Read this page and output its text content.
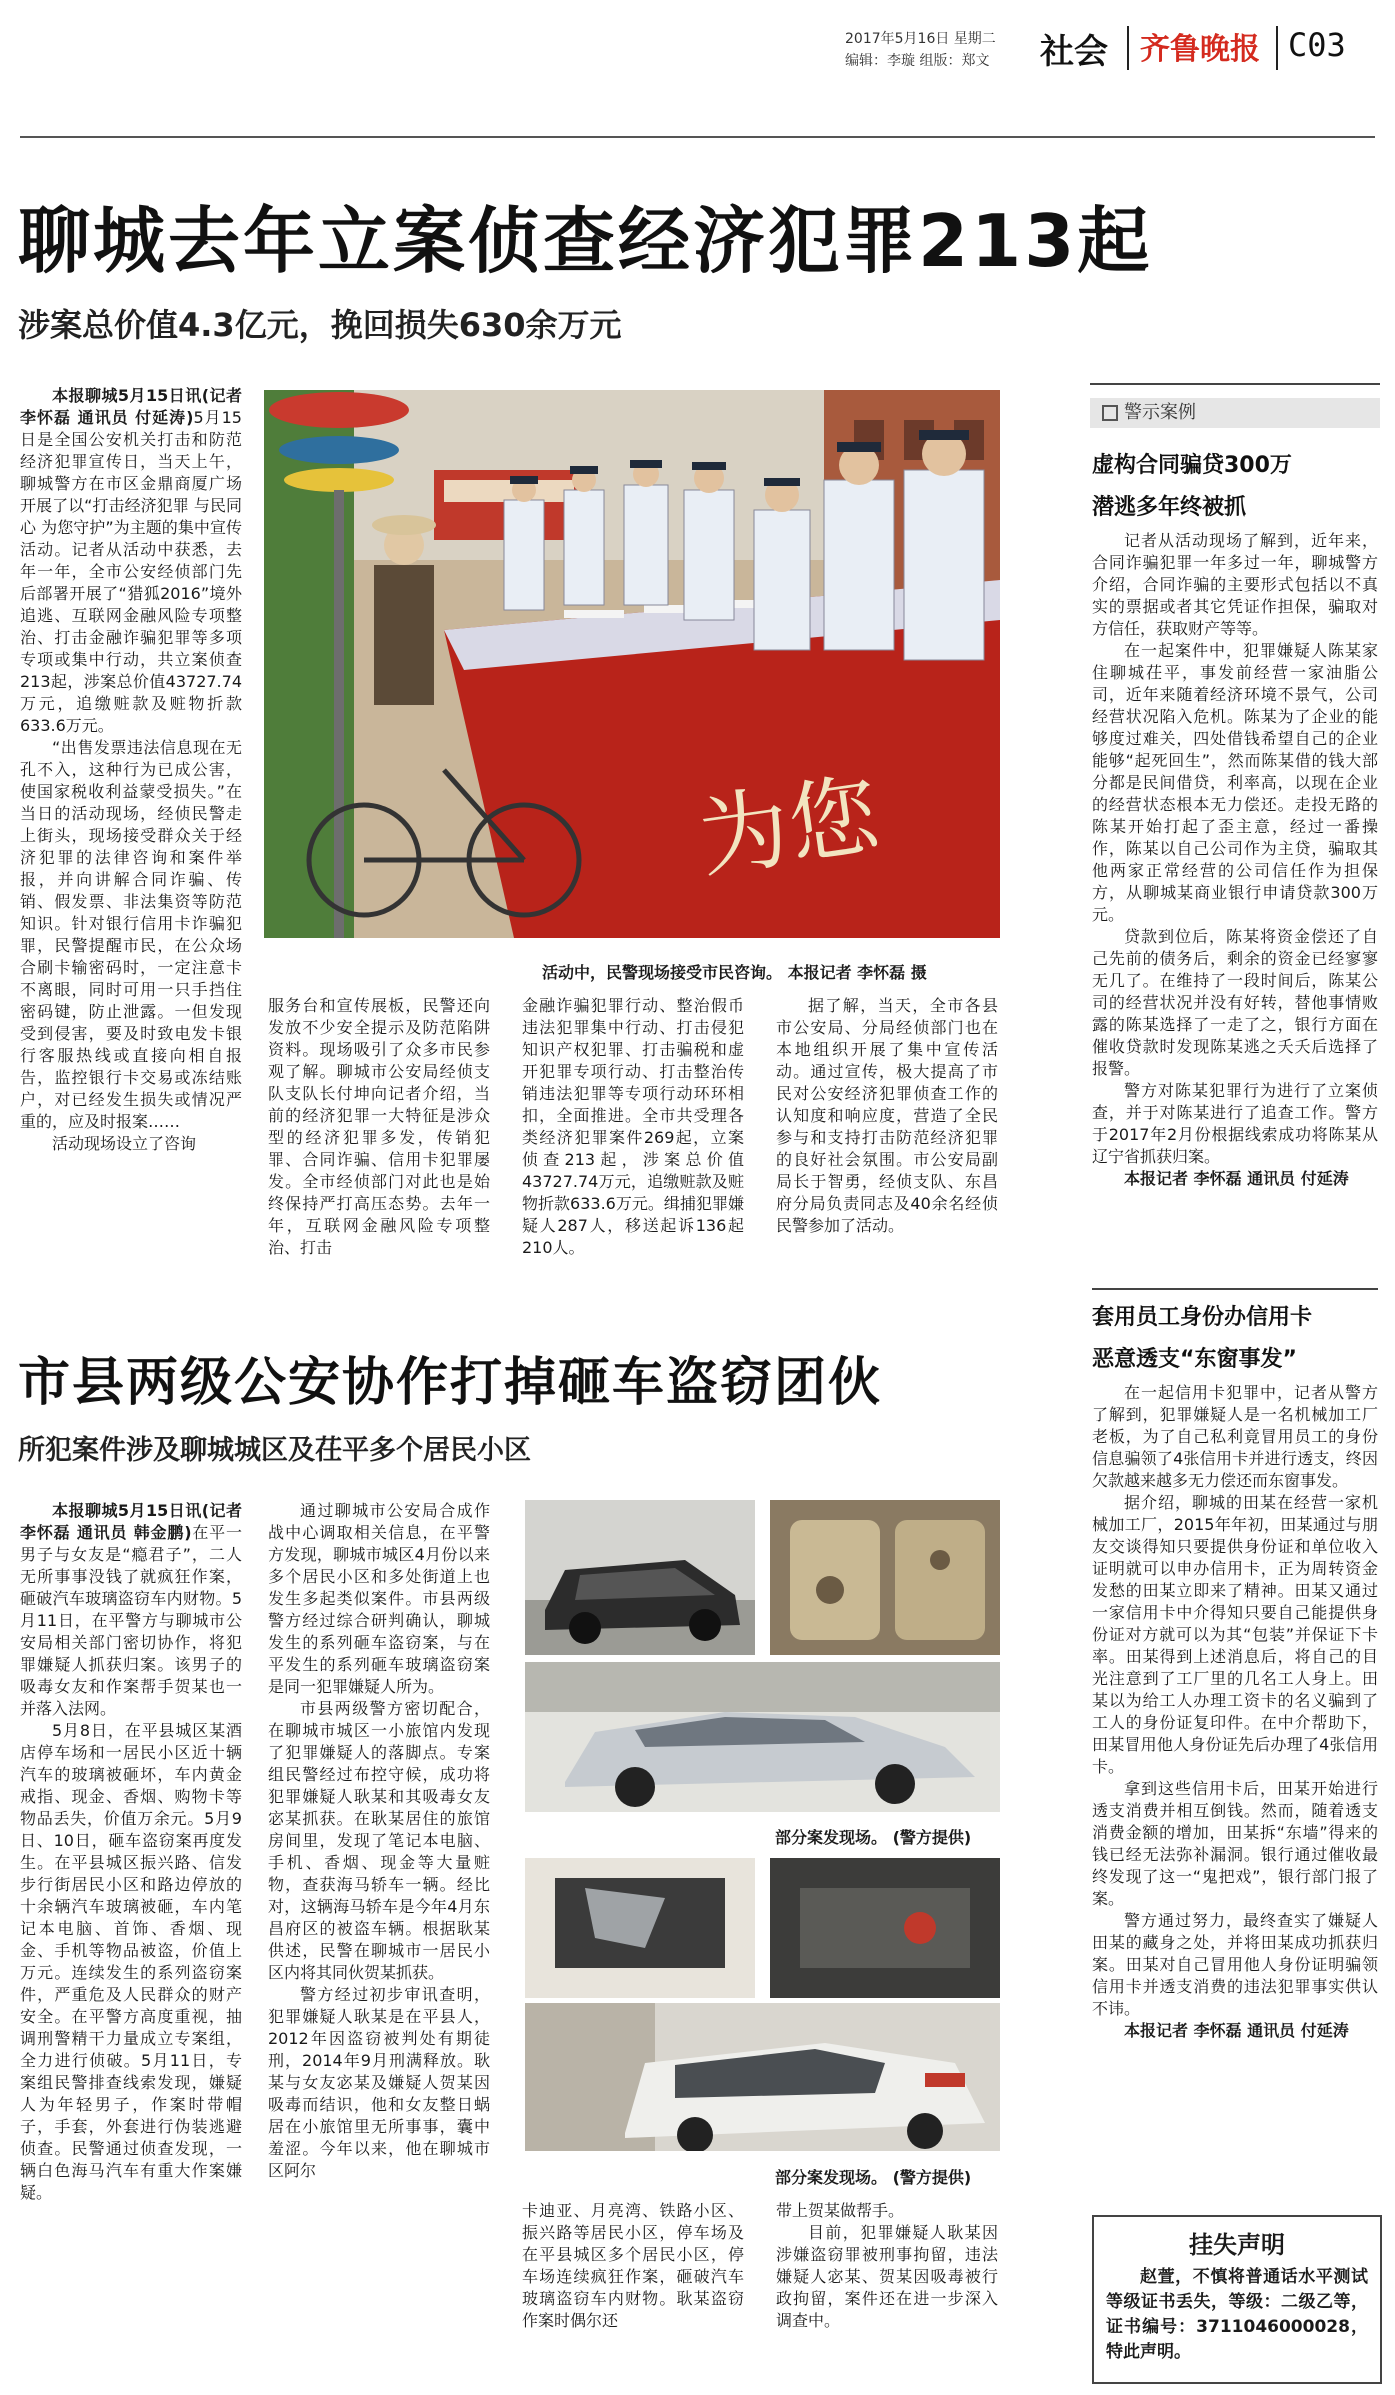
2017年5月16日 星期二
编辑：李璇 组版：郑文 社会 齐鲁晚报 C03
聊城去年立案侦查经济犯罪213起
涉案总价值4.3亿元，挽回损失630余万元

本报聊城5月15日讯(记者 李怀磊 通讯员 付延涛)5月15日是全国公安机关打击和防范经济犯罪宣传日，当天上午，聊城警方在市区金鼎商厦广场开展了以“打击经济犯罪 与民同心 为您守护”为主题的集中宣传活动。记者从活动中获悉，去年一年，全市公安经侦部门先后部署开展了“猎狐2016”境外追逃、互联网金融风险专项整治、打击金融诈骗犯罪等多项专项或集中行动，共立案侦查213起，涉案总价值43727.74万元，追缴赃款及赃物折款633.6万元。

“出售发票违法信息现在无孔不入，这种行为已成公害，使国家税收利益蒙受损失。”在当日的活动现场，经侦民警走上街头，现场接受群众关于经济犯罪的法律咨询和案件举报，并向讲解合同诈骗、传销、假发票、非法集资等防范知识。针对银行信用卡诈骗犯罪，民警提醒市民，在公众场合刷卡输密码时，一定注意卡不离眼，同时可用一只手挡住密码键，防止泄露。一但发现受到侵害，要及时致电发卡银行客服热线或直接向相自报告，监控银行卡交易或冻结账户，对已经发生损失或情况严重的，应及时报案……

活动现场设立了咨询

为您
活动中，民警现场接受市民咨询。 本报记者 李怀磊 摄

服务台和宣传展板，民警还向发放不少安全提示及防范陷阱资料。现场吸引了众多市民参观了解。聊城市公安局经侦支队支队长付坤向记者介绍，当前的经济犯罪一大特征是涉众型的经济犯罪多发，传销犯罪、合同诈骗、信用卡犯罪屡发。全市经侦部门对此也是始终保持严打高压态势。去年一年，互联网金融风险专项整治、打击

金融诈骗犯罪行动、整治假币违法犯罪集中行动、打击侵犯知识产权犯罪、打击骗税和虚开犯罪专项行动、打击整治传销违法犯罪等专项行动环环相扣，全面推进。全市共受理各类经济犯罪案件269起，立案侦查213起，涉案总价值43727.74万元，追缴赃款及赃物折款633.6万元。缉捕犯罪嫌疑人287人，移送起诉136起210人。

据了解，当天，全市各县市公安局、分局经侦部门也在本地组织开展了集中宣传活动。通过宣传，极大提高了市民对公安经济犯罪侦查工作的认知度和响应度，营造了全民参与和支持打击防范经济犯罪的良好社会氛围。市公安局副局长于智勇，经侦支队、东昌府分局负责同志及40余名经侦民警参加了活动。

市县两级公安协作打掉砸车盗窃团伙
所犯案件涉及聊城城区及茌平多个居民小区

本报聊城5月15日讯(记者 李怀磊 通讯员 韩金鹏)在平一男子与女友是“瘾君子”，二人无所事事没钱了就疯狂作案，砸破汽车玻璃盗窃车内财物。5月11日，在平警方与聊城市公安局相关部门密切协作，将犯罪嫌疑人抓获归案。该男子的吸毒女友和作案帮手贺某也一并落入法网。

5月8日，在平县城区某酒店停车场和一居民小区近十辆汽车的玻璃被砸坏，车内黄金戒指、现金、香烟、购物卡等物品丢失，价值万余元。5月9日、10日，砸车盗窃案再度发生。在平县城区振兴路、信发步行街居民小区和路边停放的十余辆汽车玻璃被砸，车内笔记本电脑、首饰、香烟、现金、手机等物品被盗，价值上万元。连续发生的系列盗窃案件，严重危及人民群众的财产安全。在平警方高度重视，抽调刑警精干力量成立专案组，全力进行侦破。5月11日，专案组民警排查线索发现，嫌疑人为年轻男子，作案时带帽子，手套，外套进行伪装逃避侦查。民警通过侦查发现，一辆白色海马汽车有重大作案嫌疑。

通过聊城市公安局合成作战中心调取相关信息，在平警方发现，聊城市城区4月份以来多个居民小区和多处街道上也发生多起类似案件。市县两级警方经过综合研判确认，聊城发生的系列砸车盗窃案，与在平发生的系列砸车玻璃盗窃案是同一犯罪嫌疑人所为。

市县两级警方密切配合，在聊城市城区一小旅馆内发现了犯罪嫌疑人的落脚点。专案组民警经过布控守候，成功将犯罪嫌疑人耿某和其吸毒女友宓某抓获。在耿某居住的旅馆房间里，发现了笔记本电脑、手机、香烟、现金等大量赃物，查获海马轿车一辆。经比对，这辆海马轿车是今年4月东昌府区的被盗车辆。根据耿某供述，民警在聊城市一居民小区内将其同伙贺某抓获。

警方经过初步审讯查明，犯罪嫌疑人耿某是在平县人，2012年因盗窃被判处有期徒刑，2014年9月刑满释放。耿某与女友宓某及嫌疑人贺某因吸毒而结识，他和女友整日蜗居在小旅馆里无所事事，囊中羞涩。今年以来，他在聊城市区阿尔

部分案发现场。 (警方提供)
部分案发现场。 (警方提供)

卡迪亚、月亮湾、铁路小区、振兴路等居民小区，停车场及在平县城区多个居民小区，停车场连续疯狂作案，砸破汽车玻璃盗窃车内财物。耿某盗窃作案时偶尔还

带上贺某做帮手。

目前，犯罪嫌疑人耿某因涉嫌盗窃罪被刑事拘留，违法嫌疑人宓某、贺某因吸毒被行政拘留，案件还在进一步深入调查中。

警示案例
虚构合同骗贷300万
潜逃多年终被抓

记者从活动现场了解到，近年来，合同诈骗犯罪一年多过一年，聊城警方介绍，合同诈骗的主要形式包括以不真实的票据或者其它凭证作担保，骗取对方信任，获取财产等等。

在一起案件中，犯罪嫌疑人陈某家住聊城茌平，事发前经营一家油脂公司，近年来随着经济环境不景气，公司经营状况陷入危机。陈某为了企业的能够度过难关，四处借钱希望自己的企业能够“起死回生”，然而陈某借的钱大部分都是民间借贷，利率高，以现在企业的经营状态根本无力偿还。走投无路的陈某开始打起了歪主意，经过一番操作，陈某以自己公司作为主贷，骗取其他两家正常经营的公司信任作为担保方，从聊城某商业银行申请贷款300万元。

贷款到位后，陈某将资金偿还了自己先前的债务后，剩余的资金已经寥寥无几了。在维持了一段时间后，陈某公司的经营状况并没有好转，替他事情败露的陈某选择了一走了之，银行方面在催收贷款时发现陈某逃之夭夭后选择了报警。

警方对陈某犯罪行为进行了立案侦查，并于对陈某进行了追查工作。警方于2017年2月份根据线索成功将陈某从辽宁省抓获归案。

本报记者 李怀磊 通讯员 付延涛

套用员工身份办信用卡
恶意透支“东窗事发”

在一起信用卡犯罪中，记者从警方了解到，犯罪嫌疑人是一名机械加工厂老板，为了自己私利竟冒用员工的身份信息骗领了4张信用卡并进行透支，终因欠款越来越多无力偿还而东窗事发。

据介绍，聊城的田某在经营一家机械加工厂，2015年年初，田某通过与朋友交谈得知只要提供身份证和单位收入证明就可以申办信用卡，正为周转资金发愁的田某立即来了精神。田某又通过一家信用卡中介得知只要自己能提供身份证对方就可以为其“包装”并保证下卡率。田某得到上述消息后，将自己的目光注意到了工厂里的几名工人身上。田某以为给工人办理工资卡的名义骗到了工人的身份证复印件。在中介帮助下，田某冒用他人身份证先后办理了4张信用卡。

拿到这些信用卡后，田某开始进行透支消费并相互倒钱。然而，随着透支消费金额的增加，田某拆“东墙”得来的钱已经无法弥补漏洞。银行通过催收最终发现了这一“鬼把戏”，银行部门报了案。

警方通过努力，最终查实了嫌疑人田某的藏身之处，并将田某成功抓获归案。田某对自己冒用他人身份证明骗领信用卡并透支消费的违法犯罪事实供认不讳。

本报记者 李怀磊 通讯员 付延涛

挂失声明
赵萱，不慎将普通话水平测试等级证书丢失，等级：二级乙等，证书编号：3711046000028，特此声明。
